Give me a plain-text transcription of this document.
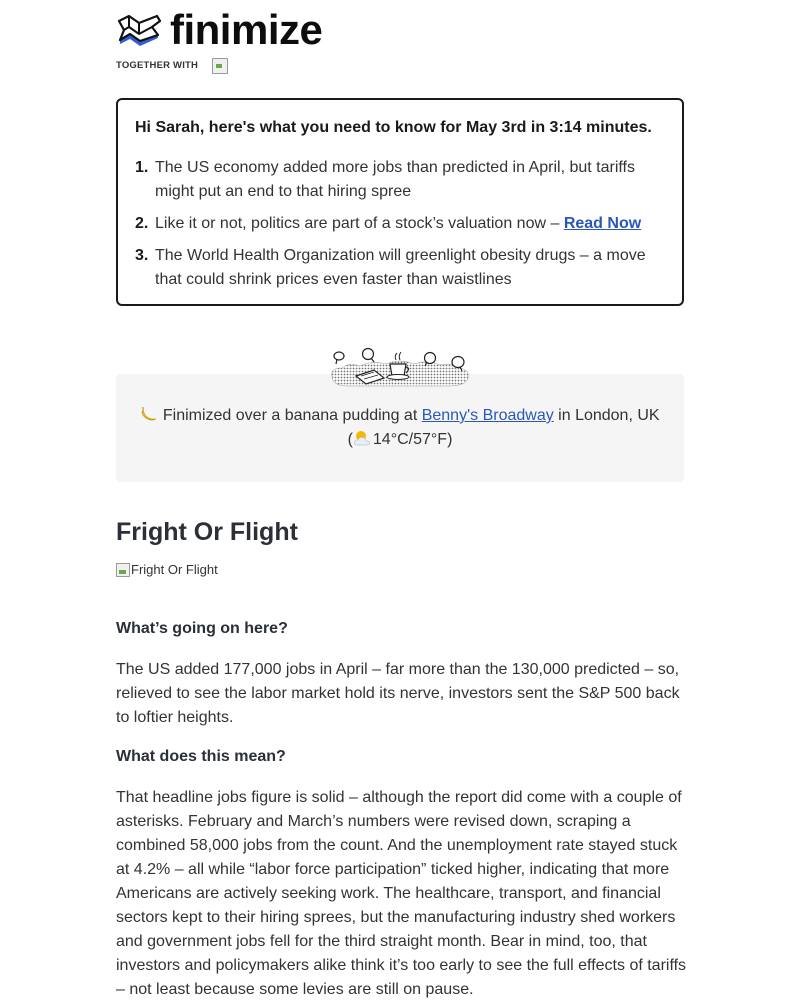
finimize
TOGETHER WITH
Hi Sarah, here's what you need to know for May 3rd in 3:14 minutes.
1. The US economy added more jobs than predicted in April, but tariffs might put an end to that hiring spree
2. Like it or not, politics are part of a stock’s valuation now – Read Now
3. The World Health Organization will greenlight obesity drugs – a move that could shrink prices even faster than waistlines
Finimized over a banana pudding at Benny's Broadway in London, UK
( 14°C/57°F)
Fright Or Flight
Fright Or Flight
What’s going on here?

The US added 177,000 jobs in April – far more than the 130,000 predicted – so, relieved to see the labor market hold its nerve, investors sent the S&P 500 back to loftier heights.

What does this mean?

That headline jobs figure is solid – although the report did come with a couple of asterisks. February and March’s numbers were revised down, scraping a combined 58,000 jobs from the count. And the unemployment rate stayed stuck at 4.2% – all while “labor force participation” ticked higher, indicating that more Americans are actively seeking work. The healthcare, transport, and financial sectors kept to their hiring sprees, but the manufacturing industry shed workers and government jobs fell for the third straight month. Bear in mind, too, that investors and policymakers alike think it’s too early to see the full effects of tariffs – not least because some levies are still on pause.
